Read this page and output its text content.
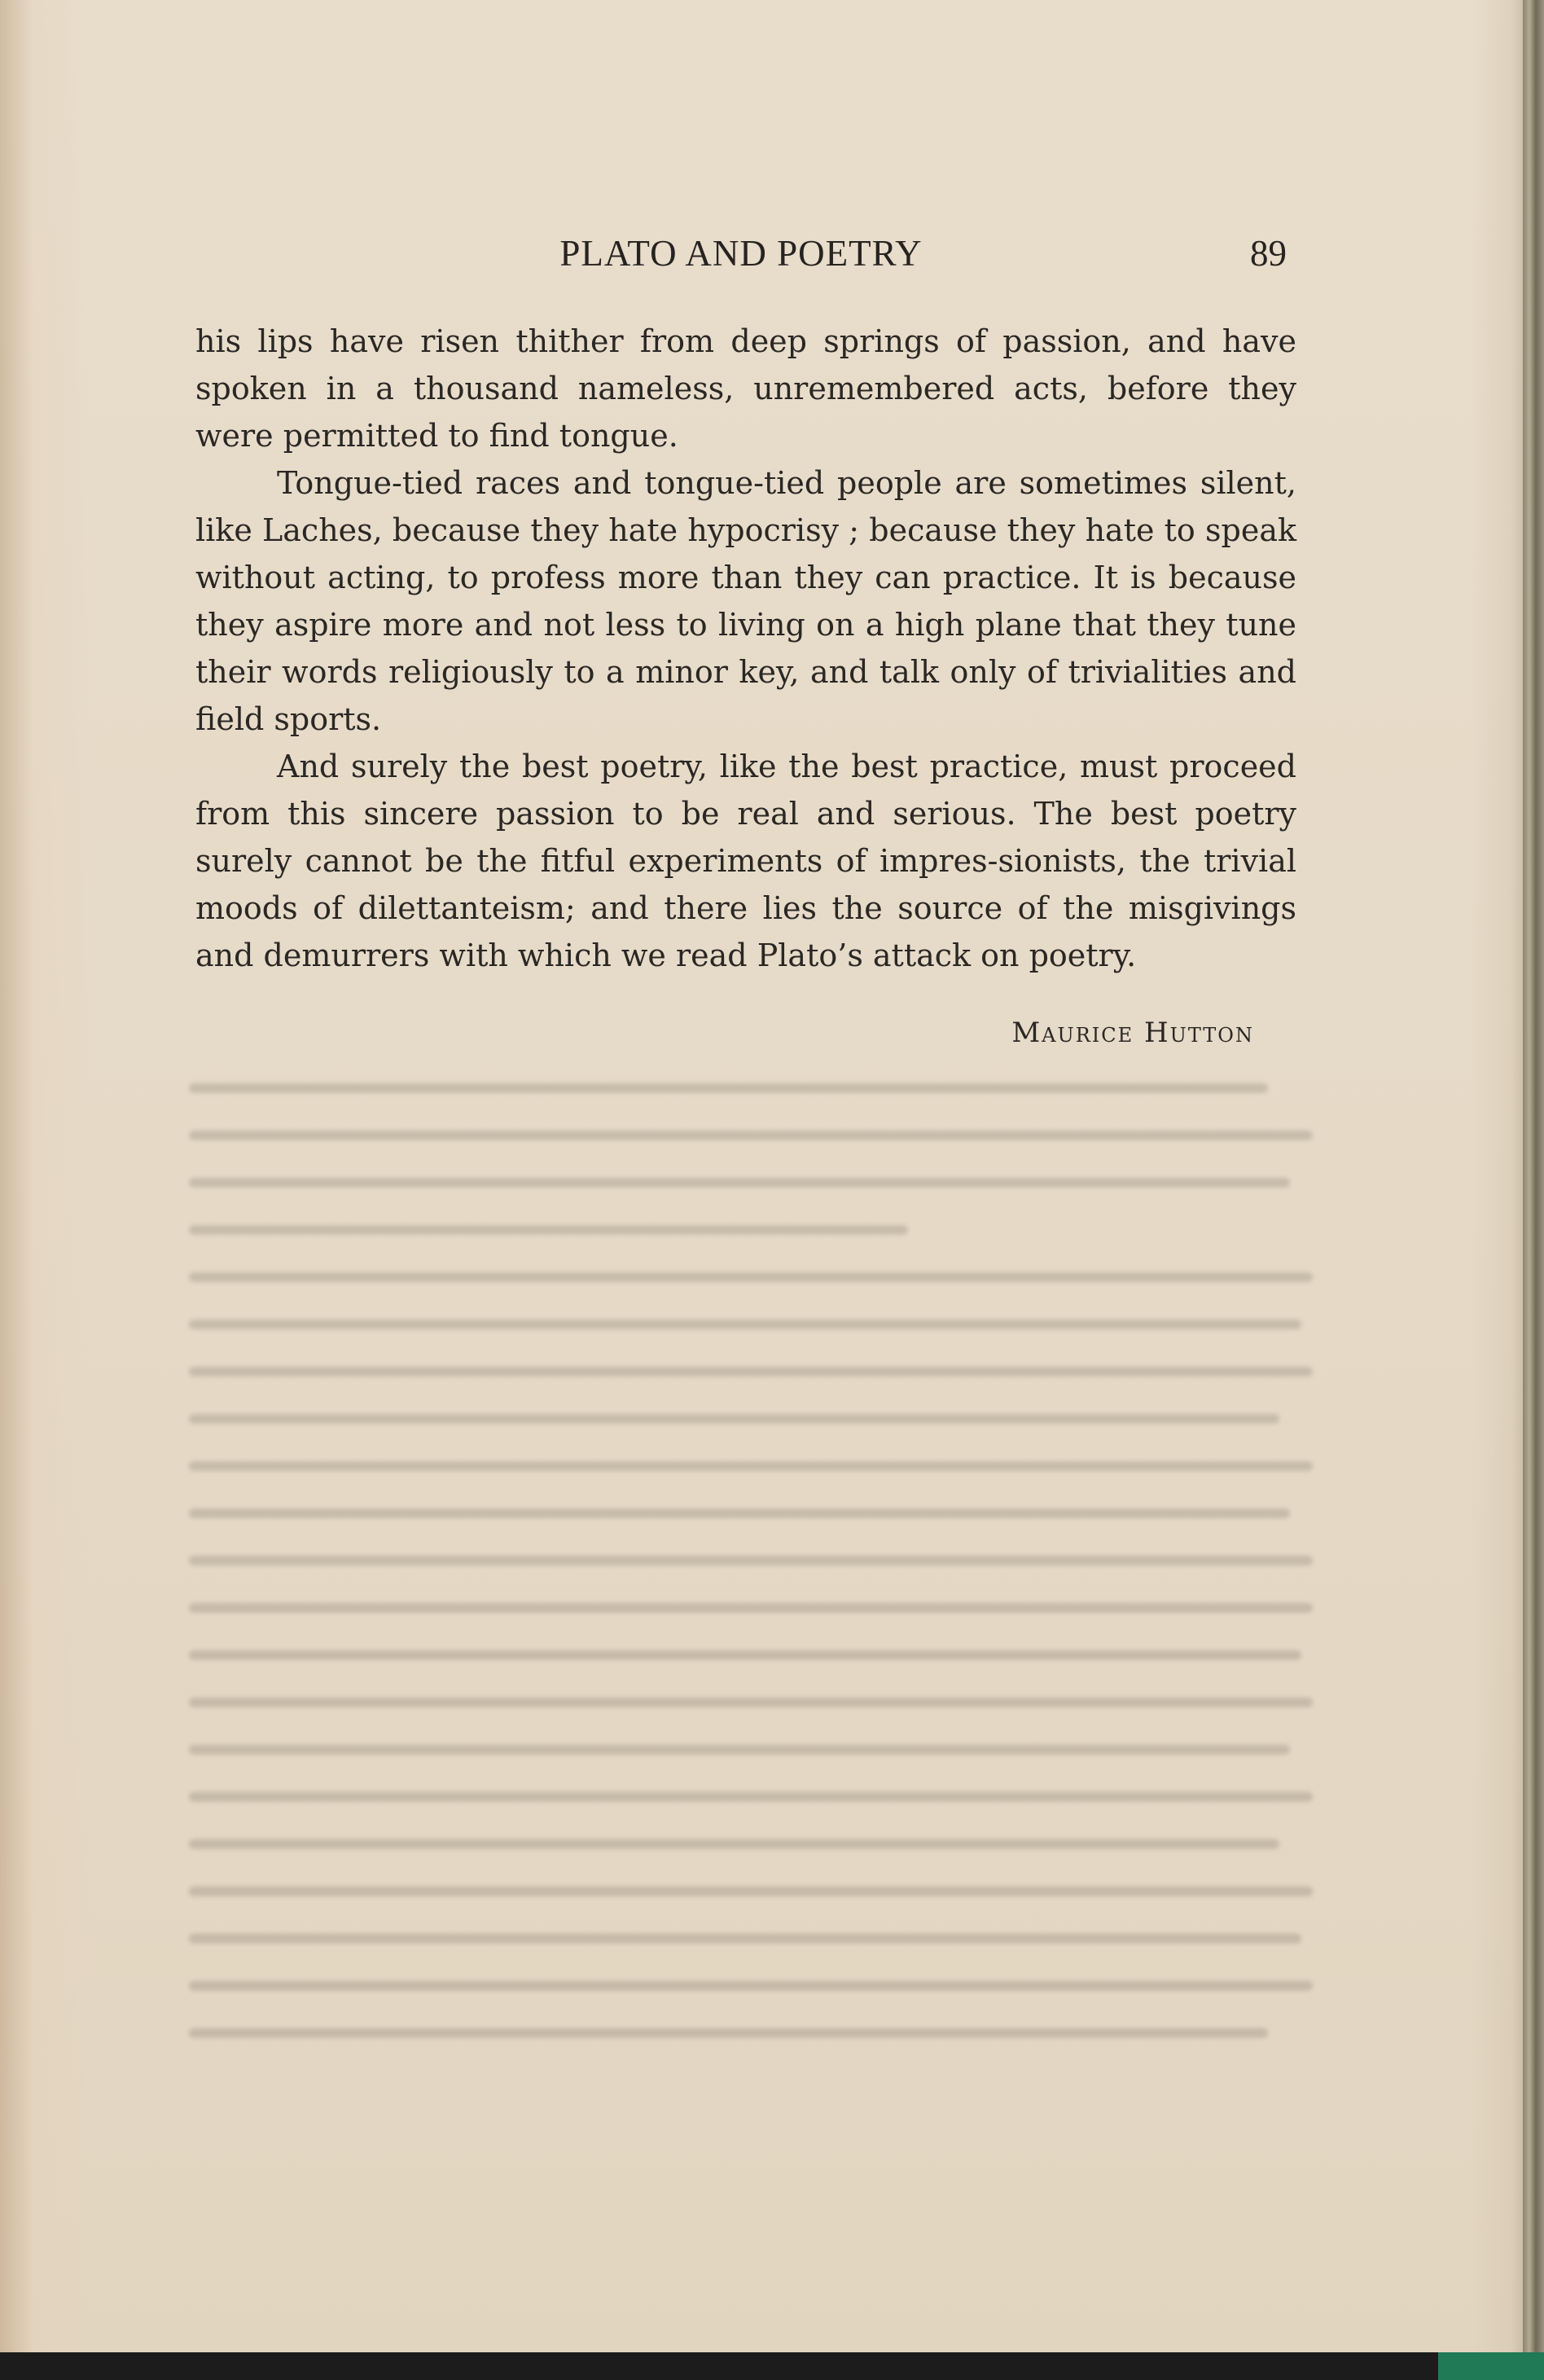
PLATO AND POETRY	89

his lips have risen thither from deep springs of passion, and have spoken in a thousand nameless, unremembered acts, before they were permitted to find tongue.

Tongue-tied races and tongue-tied people are sometimes silent, like Laches, because they hate hypocrisy ; because they hate to speak without acting, to profess more than they can practice. It is because they aspire more and not less to living on a high plane that they tune their words religiously to a minor key, and talk only of trivialities and field sports.

And surely the best poetry, like the best practice, must proceed from this sincere passion to be real and serious. The best poetry surely cannot be the fitful experiments of impres-sionists, the trivial moods of dilettanteism; and there lies the source of the misgivings and demurrers with which we read Plato’s attack on poetry.

Maurice Hutton
